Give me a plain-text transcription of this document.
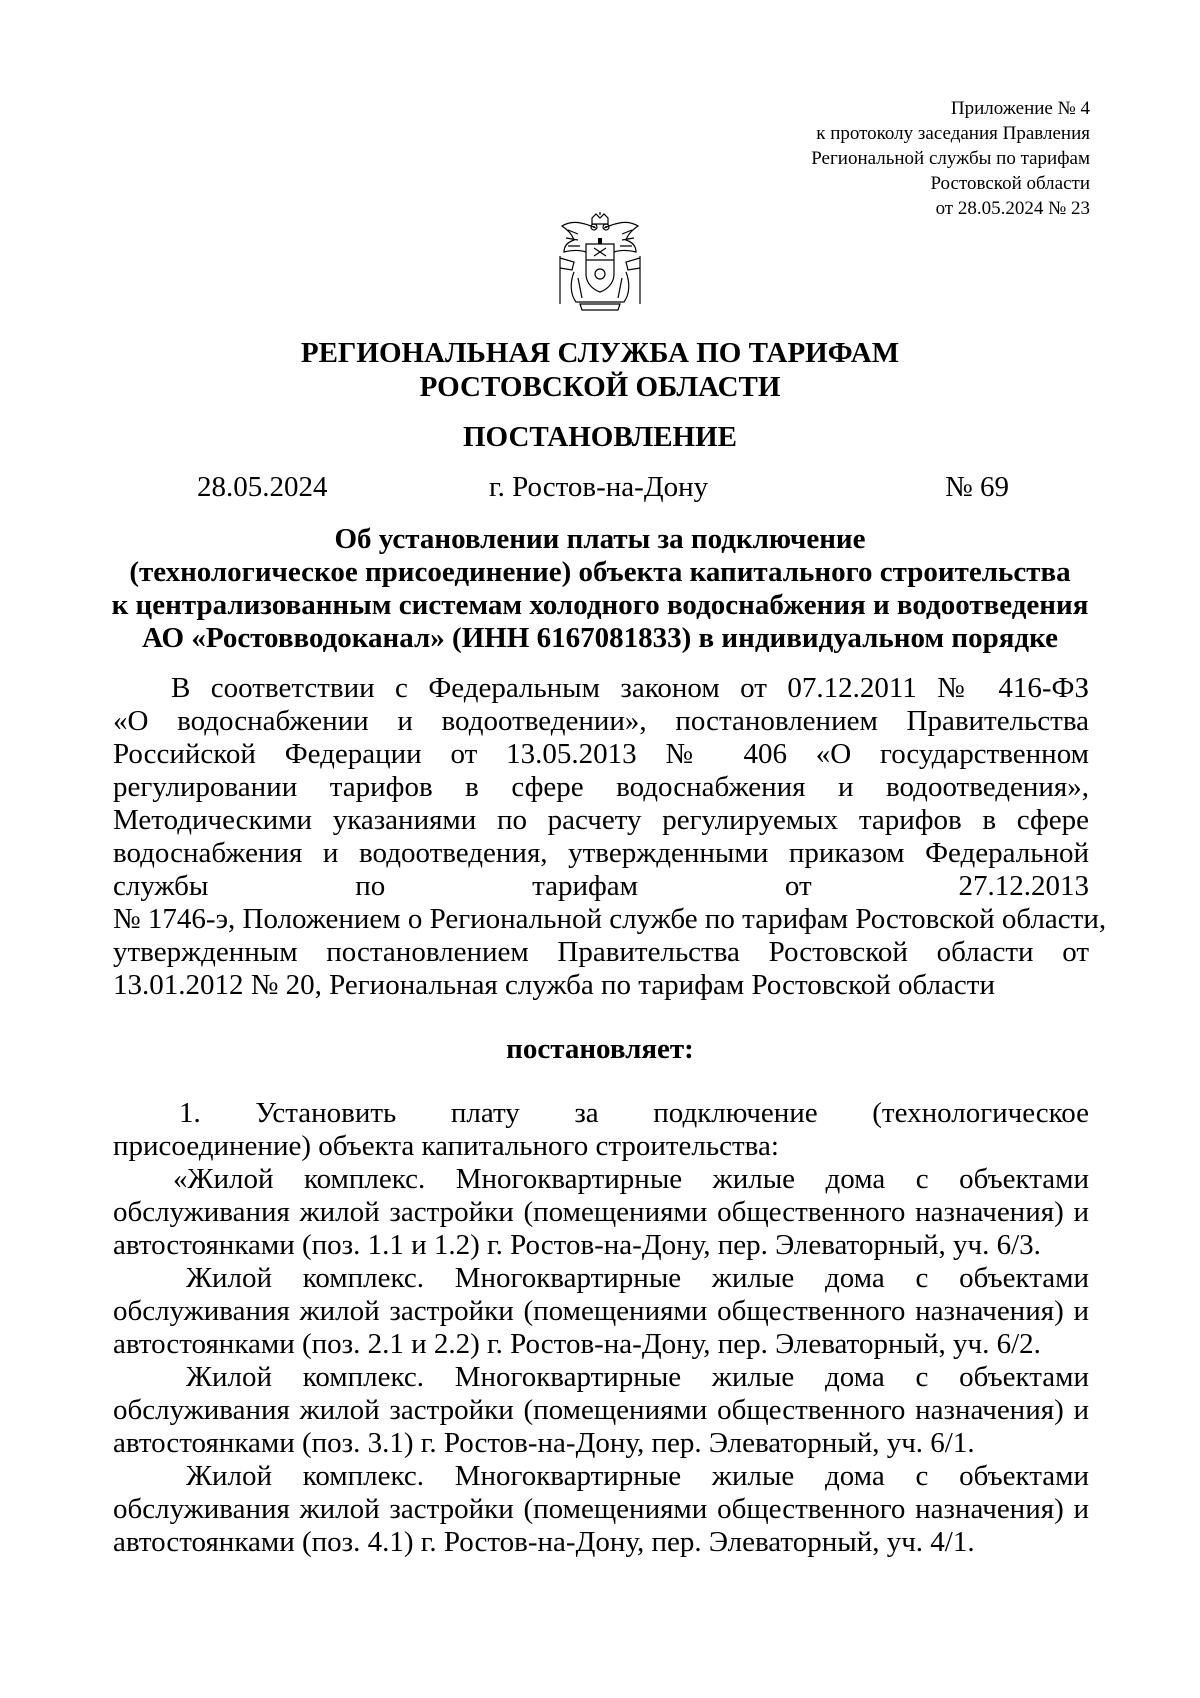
Приложение № 4
к протоколу заседания Правления
Региональной службы по тарифам
Ростовской области
от 28.05.2024 № 23
РЕГИОНАЛЬНАЯ СЛУЖБА ПО ТАРИФАМ
РОСТОВСКОЙ ОБЛАСТИ
ПОСТАНОВЛЕНИЕ
28.05.2024	г. Ростов-на-Дону	№ 69
Об установлении платы за подключение
(технологическое присоединение) объекта капитального строительства
к централизованным системам холодного водоснабжения и водоотведения
АО «Ростовводоканал» (ИНН 6167081833) в индивидуальном порядке
В соответствии с Федеральным законом от 07.12.2011 № 416-ФЗ
«О водоснабжении и водоотведении», постановлением Правительства
Российской Федерации от 13.05.2013 № 406 «О государственном
регулировании тарифов в сфере водоснабжения и водоотведения»,
Методическими указаниями по расчету регулируемых тарифов в сфере
водоснабжения и водоотведения, утвержденными приказом Федеральной
службы по тарифам от 27.12.2013
№ 1746-э, Положением о Региональной службе по тарифам Ростовской области,
утвержденным постановлением Правительства Ростовской области от
13.01.2012 № 20, Региональная служба по тарифам Ростовской области
постановляет:
1. Установить плату за подключение (технологическое
присоединение) объекта капитального строительства:
«Жилой комплекс. Многоквартирные жилые дома с объектами
обслуживания жилой застройки (помещениями общественного назначения) и
автостоянками (поз. 1.1 и 1.2) г. Ростов-на-Дону, пер. Элеваторный, уч. 6/3.
Жилой комплекс. Многоквартирные жилые дома с объектами
обслуживания жилой застройки (помещениями общественного назначения) и
автостоянками (поз. 2.1 и 2.2) г. Ростов-на-Дону, пер. Элеваторный, уч. 6/2.
Жилой комплекс. Многоквартирные жилые дома с объектами
обслуживания жилой застройки (помещениями общественного назначения) и
автостоянками (поз. 3.1) г. Ростов-на-Дону, пер. Элеваторный, уч. 6/1.
Жилой комплекс. Многоквартирные жилые дома с объектами
обслуживания жилой застройки (помещениями общественного назначения) и
автостоянками (поз. 4.1) г. Ростов-на-Дону, пер. Элеваторный, уч. 4/1.
